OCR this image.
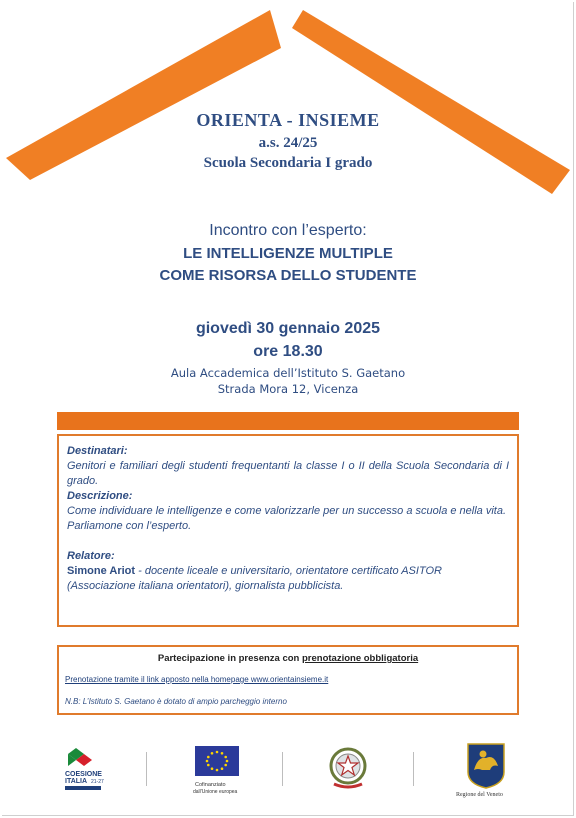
ORIENTA - INSIEME
a.s. 24/25
Scuola Secondaria I grado
Incontro con l’esperto:
LE INTELLIGENZE MULTIPLE
COME RISORSA DELLO STUDENTE
giovedì 30 gennaio 2025
ore 18.30
Aula Accademica dell’Istituto S. Gaetano
Strada Mora 12, Vicenza

Destinatari:

Genitori e familiari degli studenti frequentanti la classe I o II della Scuola Secondaria di I grado.

Descrizione:

Come individuare le intelligenze e come valorizzarle per un successo a scuola e nella vita. Parliamone con l’esperto.

Relatore:

Simone Ariot - docente liceale e universitario, orientatore certificato ASITOR (Associazione italiana orientatori), giornalista pubblicista.

Partecipazione in presenza con prenotazione obbligatoria
Prenotazione tramite il link apposto nella homepage www.orientainsieme.it
N.B: L’Istituto S. Gaetano è dotato di ampio parcheggio interno
COESIONE
ITALIA 21-27	Cofinanziato
dall'Unione europea	Regione del Veneto
